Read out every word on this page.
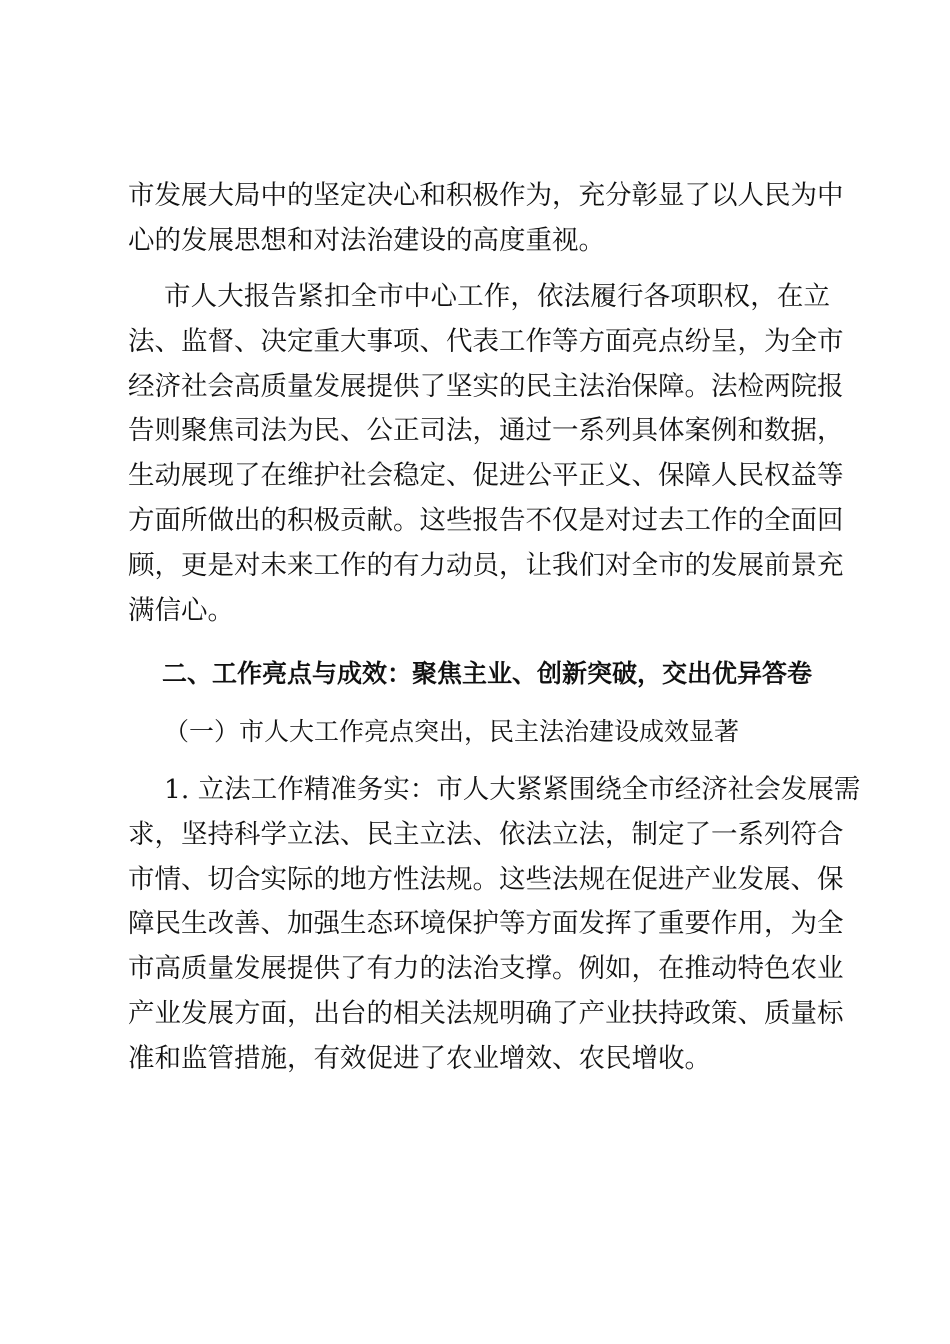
市发展大局中的坚定决心和积极作为，充分彰显了以人民为中
心的发展思想和对法治建设的高度重视。
市人大报告紧扣全市中心工作，依法履行各项职权，在立
法、监督、决定重大事项、代表工作等方面亮点纷呈，为全市
经济社会高质量发展提供了坚实的民主法治保障。法检两院报
告则聚焦司法为民、公正司法，通过一系列具体案例和数据，
生动展现了在维护社会稳定、促进公平正义、保障人民权益等
方面所做出的积极贡献。这些报告不仅是对过去工作的全面回
顾，更是对未来工作的有力动员，让我们对全市的发展前景充
满信心。
二、工作亮点与成效：聚焦主业、创新突破，交出优异答卷
（一）市人大工作亮点突出，民主法治建设成效显著
1. 立法工作精准务实：市人大紧紧围绕全市经济社会发展需
求，坚持科学立法、民主立法、依法立法，制定了一系列符合
市情、切合实际的地方性法规。这些法规在促进产业发展、保
障民生改善、加强生态环境保护等方面发挥了重要作用，为全
市高质量发展提供了有力的法治支撑。例如，在推动特色农业
产业发展方面，出台的相关法规明确了产业扶持政策、质量标
准和监管措施，有效促进了农业增效、农民增收。
